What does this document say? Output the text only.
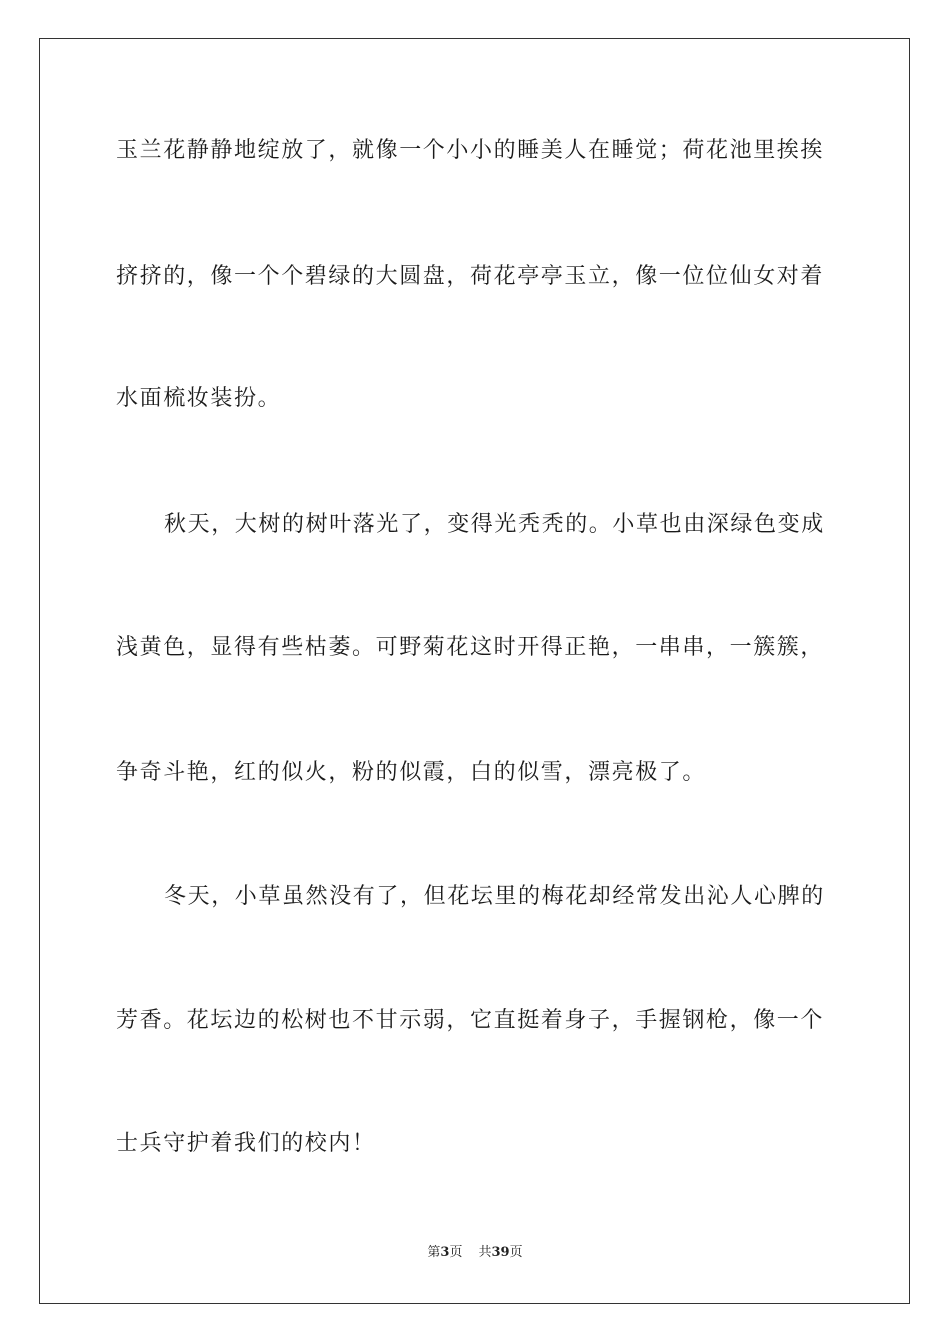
玉兰花静静地绽放了，就像一个小小的睡美人在睡觉；荷花池里挨挨
挤挤的，像一个个碧绿的大圆盘，荷花亭亭玉立，像一位位仙女对着
水面梳妆装扮。
秋天，大树的树叶落光了，变得光秃秃的。小草也由深绿色变成
浅黄色，显得有些枯萎。可野菊花这时开得正艳，一串串，一簇簇，
争奇斗艳，红的似火，粉的似霞，白的似雪，漂亮极了。
冬天，小草虽然没有了，但花坛里的梅花却经常发出沁人心脾的
芳香。花坛边的松树也不甘示弱，它直挺着身子，手握钢枪，像一个
士兵守护着我们的校内！
第3页 共39页
